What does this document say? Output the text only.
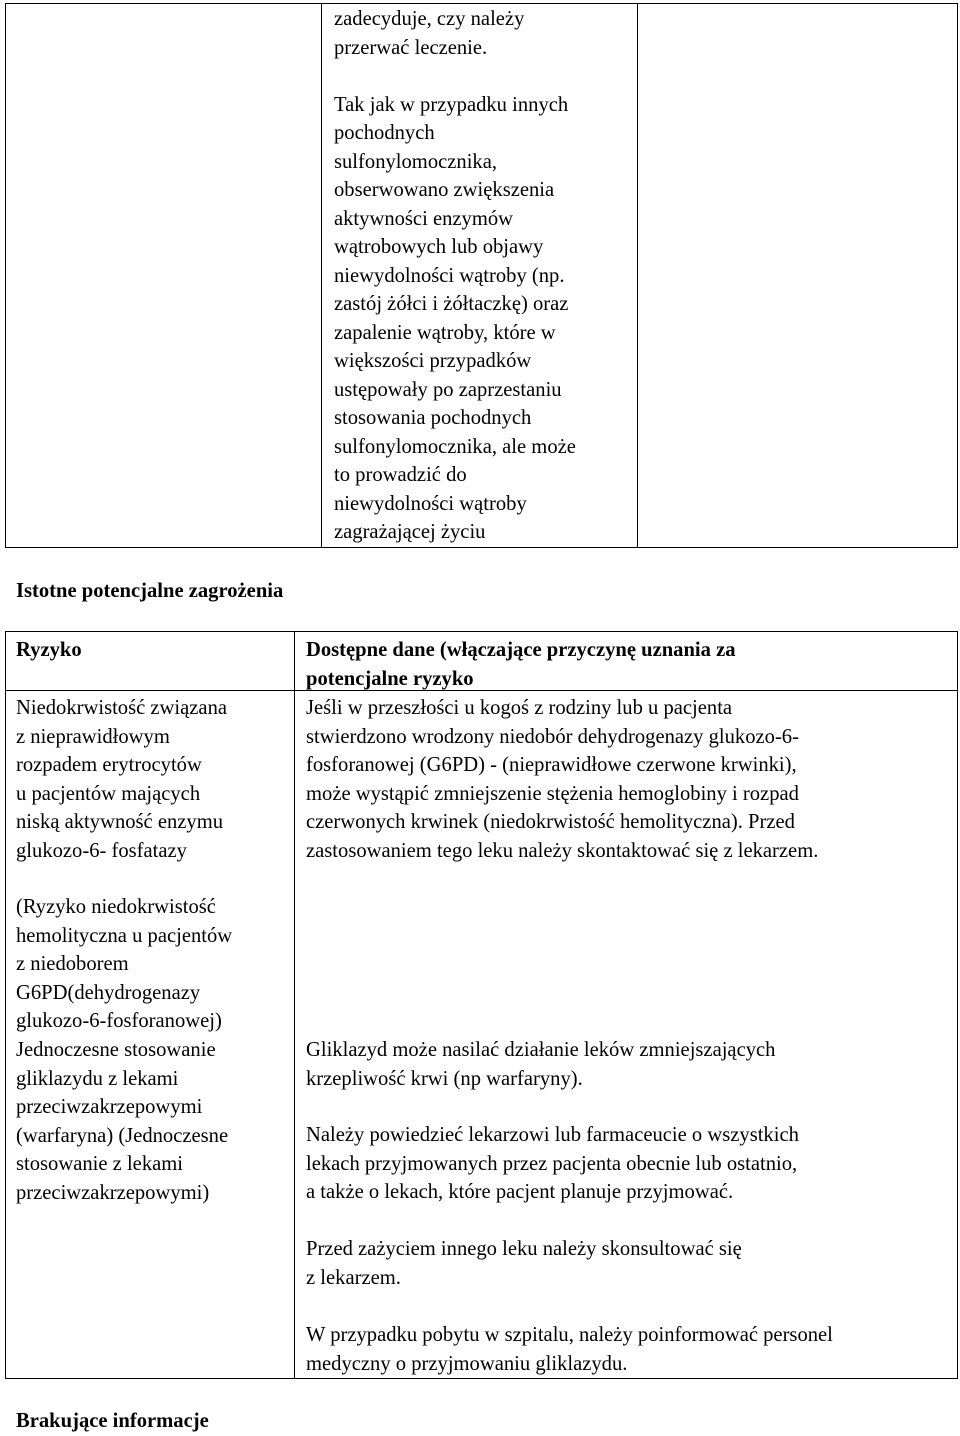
zadecyduje, czy należy

przerwać leczenie.

Tak jak w przypadku innych

pochodnych

sulfonylomocznika,

obserwowano zwiększenia

aktywności enzymów

wątrobowych lub objawy

niewydolności wątroby (np.

zastój żółci i żółtaczkę) oraz

zapalenie wątroby, które w

większości przypadków

ustępowały po zaprzestaniu

stosowania pochodnych

sulfonylomocznika, ale może

to prowadzić do

niewydolności wątroby

zagrażającej życiu

Istotne potencjalne zagrożenia
Ryzyko	Dostępne dane (włączające przyczynę uznania za
potencjalne ryzyko
Niedokrwistość związana
z nieprawidłowym
rozpadem erytrocytów
u pacjentów mających
niską aktywność enzymu
glukozo-6- fosfatazy
(Ryzyko niedokrwistość
hemolityczna u pacjentów
z niedoborem
G6PD(dehydrogenazy
glukozo-6-fosforanowej)
Jeśli w przeszłości u kogoś z rodziny lub u pacjenta
stwierdzono wrodzony niedobór dehydrogenazy glukozo-6-
fosforanowej (G6PD) - (nieprawidłowe czerwone krwinki),
może wystąpić zmniejszenie stężenia hemoglobiny i rozpad
czerwonych krwinek (niedokrwistość hemolityczna). Przed
zastosowaniem tego leku należy skontaktować się z lekarzem.
Jednoczesne stosowanie
gliklazydu z lekami
przeciwzakrzepowymi
(warfaryna) (Jednoczesne
stosowanie z lekami
przeciwzakrzepowymi)
Gliklazyd może nasilać działanie leków zmniejszających
krzepliwość krwi (np warfaryny).
Należy powiedzieć lekarzowi lub farmaceucie o wszystkich
lekach przyjmowanych przez pacjenta obecnie lub ostatnio,
a także o lekach, które pacjent planuje przyjmować.
Przed zażyciem innego leku należy skonsultować się
z lekarzem.
W przypadku pobytu w szpitalu, należy poinformować personel
medyczny o przyjmowaniu gliklazydu.
Brakujące informacje
